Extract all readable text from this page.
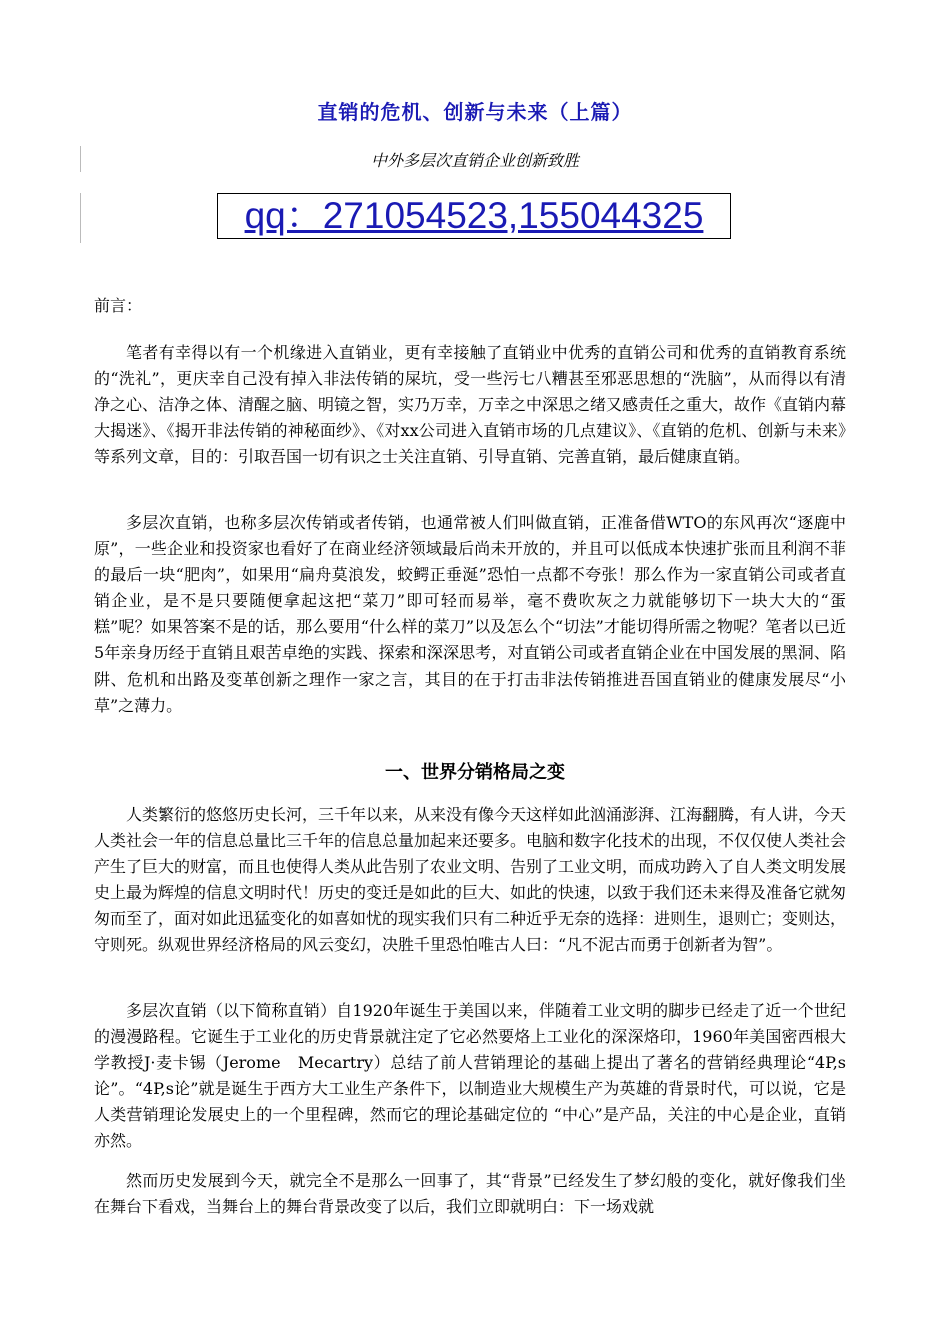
直销的危机、创新与未来（上篇）
中外多层次直销企业创新致胜
qq：271054523,155044325
前言：

笔者有幸得以有一个机缘进入直销业，更有幸接触了直销业中优秀的直销公司和优秀的直销教育系统的“洗礼”，更庆幸自己没有掉入非法传销的屎坑，受一些污七八糟甚至邪恶思想的“洗脑”，从而得以有清净之心、洁净之体、清醒之脑、明镜之智，实乃万幸，万幸之中深思之绪又感责任之重大，故作《直销内幕大揭迷》、《揭开非法传销的神秘面纱》、《对xx公司进入直销市场的几点建议》、《直销的危机、创新与未来》等系列文章，目的：引取吾国一切有识之士关注直销、引导直销、完善直销，最后健康直销。

多层次直销，也称多层次传销或者传销，也通常被人们叫做直销，正准备借WTO的东风再次“逐鹿中原”，一些企业和投资家也看好了在商业经济领域最后尚未开放的，并且可以低成本快速扩张而且利润不菲的最后一块“肥肉”，如果用“扁舟莫浪发，蛟鳄正垂涎”恐怕一点都不夸张！那么作为一家直销公司或者直销企业，是不是只要随便拿起这把“菜刀”即可轻而易举，毫不费吹灰之力就能够切下一块大大的“蛋糕”呢？如果答案不是的话，那么要用“什么样的菜刀”以及怎么个“切法”才能切得所需之物呢？笔者以已近5年亲身历经于直销且艰苦卓绝的实践、探索和深深思考，对直销公司或者直销企业在中国发展的黑洞、陷阱、危机和出路及变革创新之理作一家之言，其目的在于打击非法传销推进吾国直销业的健康发展尽“小草”之薄力。

一、世界分销格局之变

人类繁衍的悠悠历史长河，三千年以来，从来没有像今天这样如此汹涌澎湃、江海翻腾，有人讲，今天人类社会一年的信息总量比三千年的信息总量加起来还要多。电脑和数字化技术的出现，不仅仅使人类社会产生了巨大的财富，而且也使得人类从此告别了农业文明、告别了工业文明，而成功跨入了自人类文明发展史上最为辉煌的信息文明时代！历史的变迁是如此的巨大、如此的快速，以致于我们还未来得及准备它就匆匆而至了，面对如此迅猛变化的如喜如忧的现实我们只有二种近乎无奈的选择：进则生，退则亡；变则达，守则死。纵观世界经济格局的风云变幻，决胜千里恐怕唯古人曰：“凡不泥古而勇于创新者为智”。

多层次直销（以下简称直销）自1920年诞生于美国以来，伴随着工业文明的脚步已经走了近一个世纪的漫漫路程。它诞生于工业化的历史背景就注定了它必然要烙上工业化的深深烙印，1960年美国密西根大学教授J·麦卡锡（Jerome　Mecartry）总结了前人营销理论的基础上提出了著名的营销经典理论“4P,s论”。“4P,s论”就是诞生于西方大工业生产条件下，以制造业大规模生产为英雄的背景时代，可以说，它是人类营销理论发展史上的一个里程碑，然而它的理论基础定位的 “中心”是产品，关注的中心是企业，直销亦然。

然而历史发展到今天，就完全不是那么一回事了，其“背景”已经发生了梦幻般的变化，就好像我们坐在舞台下看戏，当舞台上的舞台背景改变了以后，我们立即就明白：下一场戏就
